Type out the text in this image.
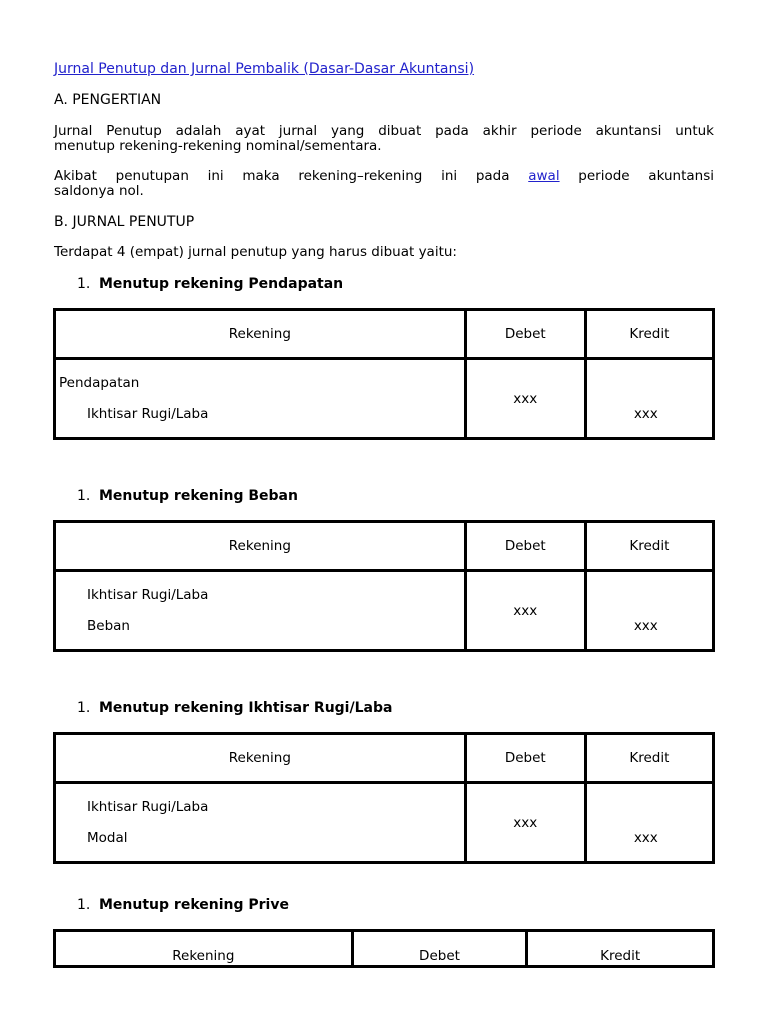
Jurnal Penutup dan Jurnal Pembalik (Dasar-Dasar Akuntansi)
A. PENGERTIAN
Jurnal Penutup adalah ayat jurnal yang dibuat pada akhir periode akuntansi untuk
menutup rekening-rekening nominal/sementara.
Akibat penutupan ini maka rekening–rekening ini pada awal periode akuntansi
saldonya nol.
B. JURNAL PENUTUP
Terdapat 4 (empat) jurnal penutup yang harus dibuat yaitu:
1. Menutup rekening Pendapatan
Rekening	Debet	Kredit

Pendapatan
Ikhtisar Rugi/Laba	xxx	xxx
1. Menutup rekening Beban
Rekening	Debet	Kredit

Ikhtisar Rugi/Laba
Beban	xxx	xxx
1. Menutup rekening Ikhtisar Rugi/Laba
Rekening	Debet	Kredit

Ikhtisar Rugi/Laba
Modal	xxx	xxx
1. Menutup rekening Prive
Rekening	Debet	Kredit
